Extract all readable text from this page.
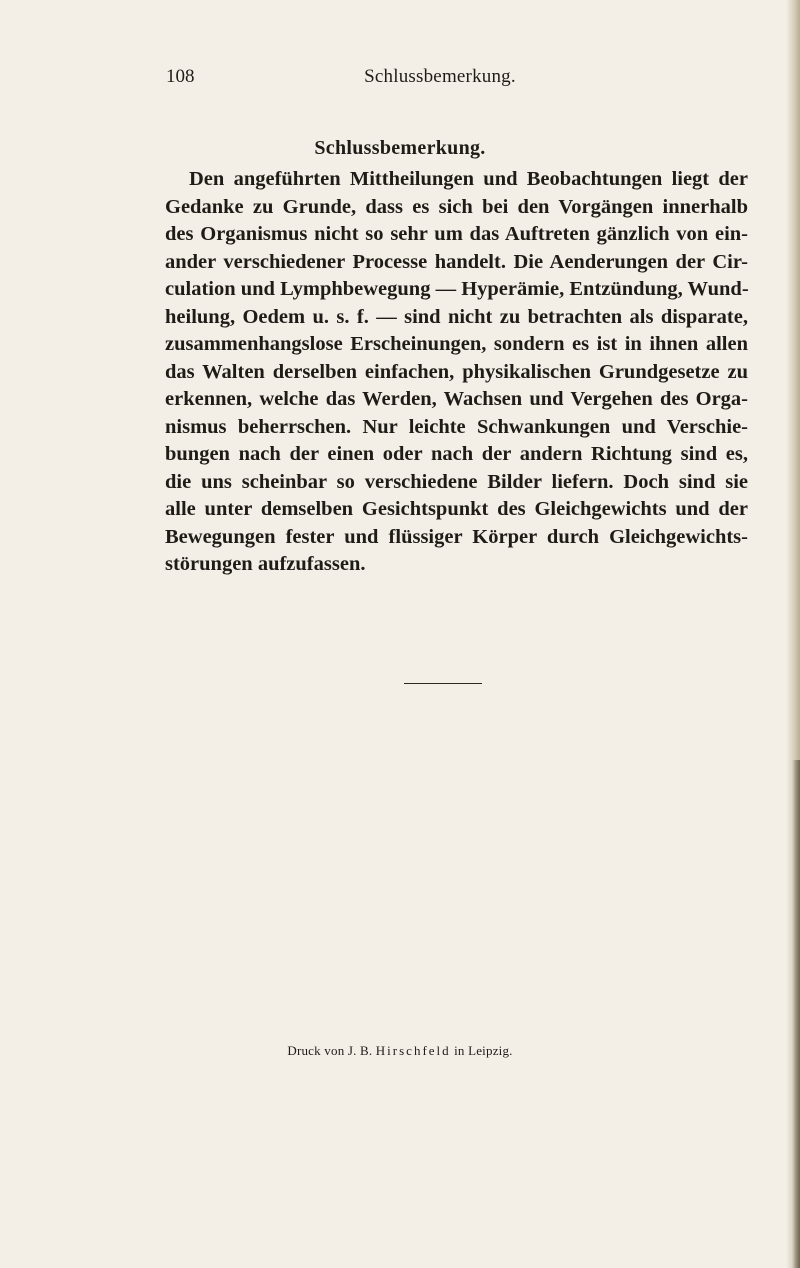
108	Schlussbemerkung.
Schlussbemerkung.
Den angeführten Mittheilungen und Beobachtungen liegt der
Gedanke zu Grunde, dass es sich bei den Vorgängen innerhalb
des Organismus nicht so sehr um das Auftreten gänzlich von ein-
ander verschiedener Processe handelt. Die Aenderungen der Cir-
culation und Lymphbewegung — Hyperämie, Entzündung, Wund-
heilung, Oedem u. s. f. — sind nicht zu betrachten als disparate,
zusammenhangslose Erscheinungen, sondern es ist in ihnen allen
das Walten derselben einfachen, physikalischen Grundgesetze zu
erkennen, welche das Werden, Wachsen und Vergehen des Orga-
nismus beherrschen. Nur leichte Schwankungen und Verschie-
bungen nach der einen oder nach der andern Richtung sind es,
die uns scheinbar so verschiedene Bilder liefern. Doch sind sie
alle unter demselben Gesichtspunkt des Gleichgewichts und der
Bewegungen fester und flüssiger Körper durch Gleichgewichts-
störungen aufzufassen.
Druck von J. B. Hirschfeld in Leipzig.
